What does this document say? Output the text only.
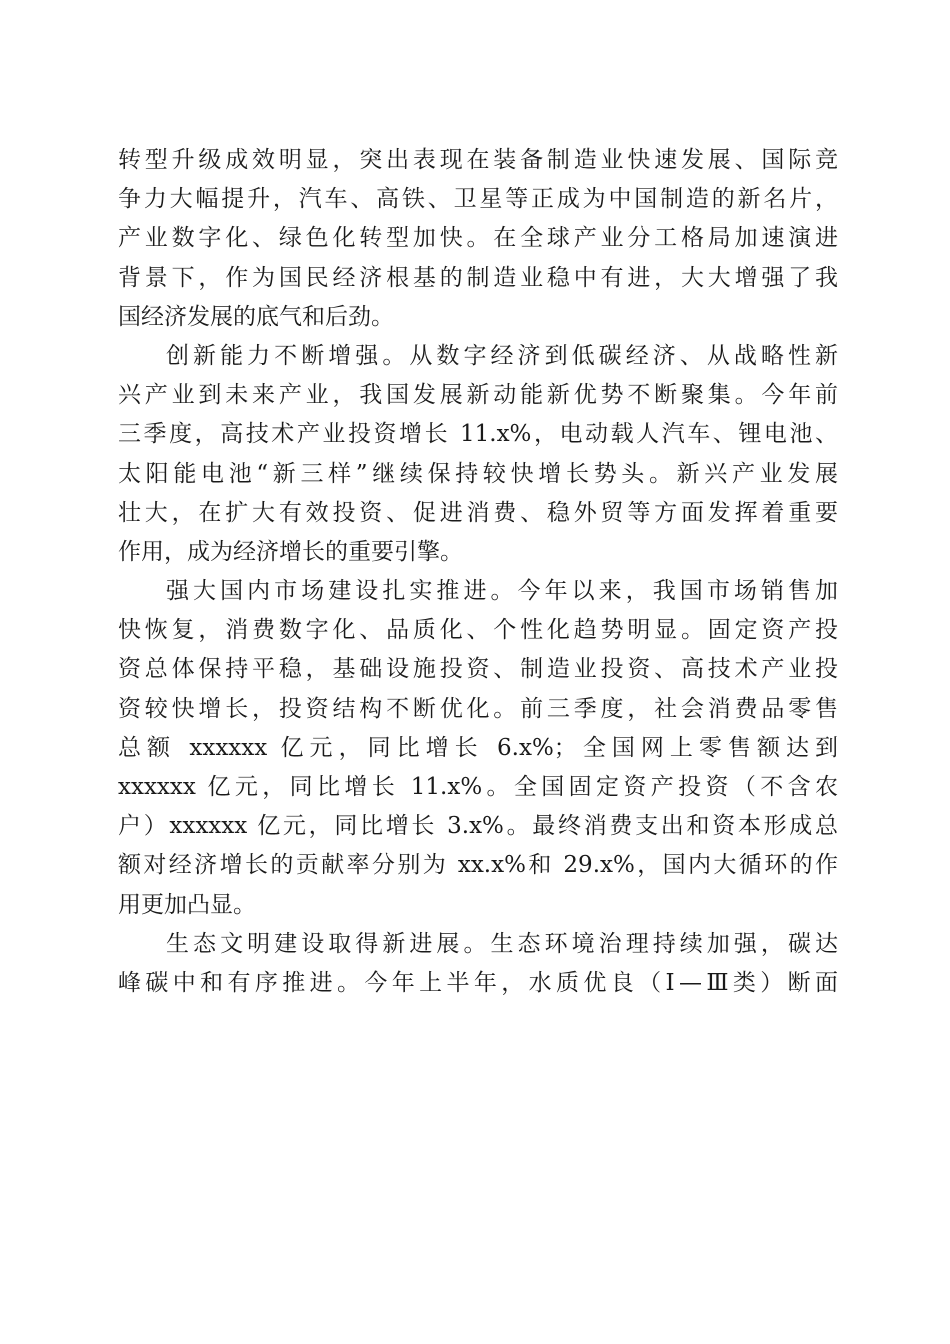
转型升级成效明显，突出表现在装备制造业快速发展、国际竞
争力大幅提升，汽车、高铁、卫星等正成为中国制造的新名片，
产业数字化、绿色化转型加快。在全球产业分工格局加速演进
背景下，作为国民经济根基的制造业稳中有进，大大增强了我
国经济发展的底气和后劲。
创新能力不断增强。从数字经济到低碳经济、从战略性新
兴产业到未来产业，我国发展新动能新优势不断聚集。今年前
三季度，高技术产业投资增长 11.x%，电动载人汽车、锂电池、
太阳能电池“新三样”继续保持较快增长势头。新兴产业发展
壮大，在扩大有效投资、促进消费、稳外贸等方面发挥着重要
作用，成为经济增长的重要引擎。
强大国内市场建设扎实推进。今年以来，我国市场销售加
快恢复，消费数字化、品质化、个性化趋势明显。固定资产投
资总体保持平稳，基础设施投资、制造业投资、高技术产业投
资较快增长，投资结构不断优化。前三季度，社会消费品零售
总额 xxxxxx 亿元，同比增长 6.x%；全国网上零售额达到
xxxxxx 亿元，同比增长 11.x%。全国固定资产投资（不含农
户）xxxxxx 亿元，同比增长 3.x%。最终消费支出和资本形成总
额对经济增长的贡献率分别为 xx.x%和 29.x%，国内大循环的作
用更加凸显。
生态文明建设取得新进展。生态环境治理持续加强，碳达
峰碳中和有序推进。今年上半年，水质优良（Ⅰ—Ⅲ类）断面
